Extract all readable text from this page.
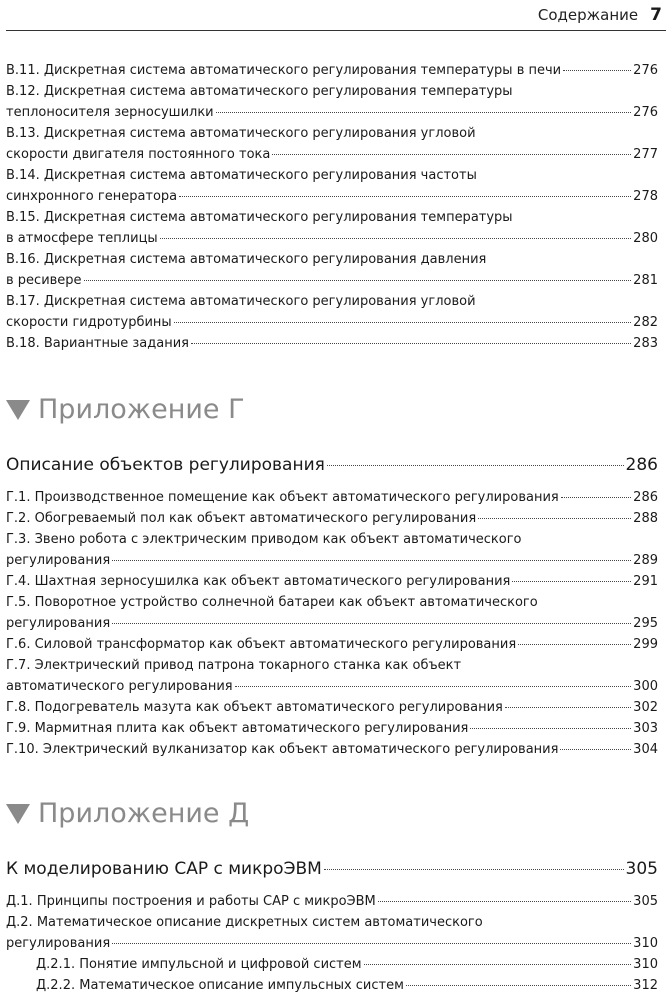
Содержание 7
В.11. Дискретная система автоматического регулирования температуры в печи	276
В.12. Дискретная система автоматического регулирования температуры
теплоносителя зерносушилки	276
В.13. Дискретная система автоматического регулирования угловой
скорости двигателя постоянного тока	277
В.14. Дискретная система автоматического регулирования частоты
синхронного генератора	278
В.15. Дискретная система автоматического регулирования температуры
в атмосфере теплицы	280
В.16. Дискретная система автоматического регулирования давления
в ресивере	281
В.17. Дискретная система автоматического регулирования угловой
скорости гидротурбины	282
В.18. Вариантные задания	283
Приложение Г
Описание объектов регулирования	286
Г.1. Производственное помещение как объект автоматического регулирования	286
Г.2. Обогреваемый пол как объект автоматического регулирования	288
Г.3. Звено робота с электрическим приводом как объект автоматического
регулирования	289
Г.4. Шахтная зерносушилка как объект автоматического регулирования	291
Г.5. Поворотное устройство солнечной батареи как объект автоматического
регулирования	295
Г.6. Силовой трансформатор как объект автоматического регулирования	299
Г.7. Электрический привод патрона токарного станка как объект
автоматического регулирования	300
Г.8. Подогреватель мазута как объект автоматического регулирования	302
Г.9. Мармитная плита как объект автоматического регулирования	303
Г.10. Электрический вулканизатор как объект автоматического регулирования	304
Приложение Д
К моделированию САР с микроЭВМ	305
Д.1. Принципы построения и работы САР с микроЭВМ	305
Д.2. Математическое описание дискретных систем автоматического
регулирования	310
Д.2.1. Понятие импульсной и цифровой систем	310
Д.2.2. Математическое описание импульсных систем	312
